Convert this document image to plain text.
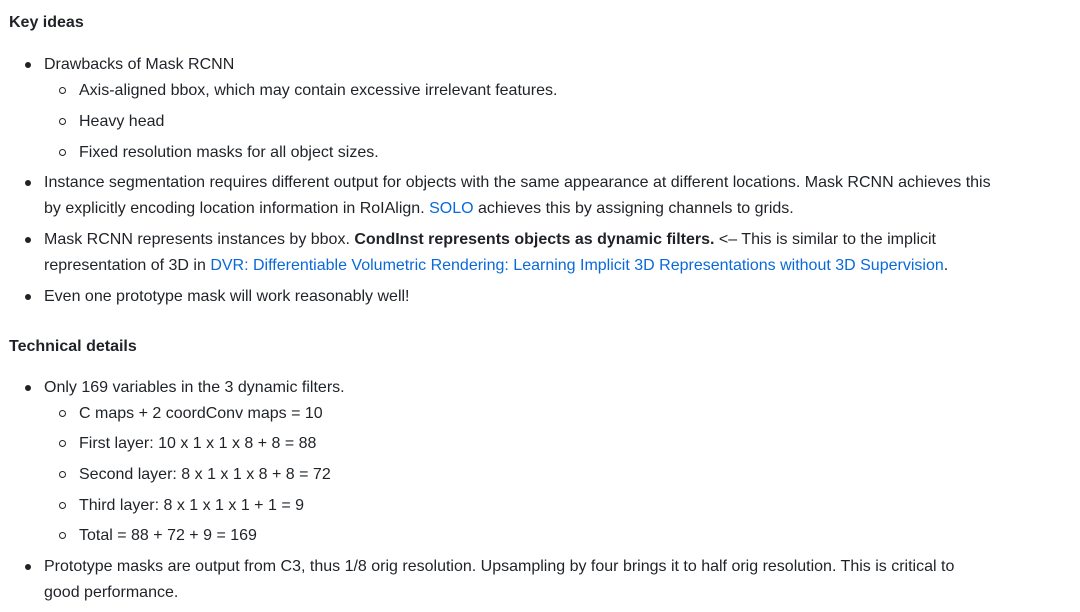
Key ideas
Drawbacks of Mask RCNN
Axis-aligned bbox, which may contain excessive irrelevant features.
Heavy head
Fixed resolution masks for all object sizes.
Instance segmentation requires different output for objects with the same appearance at different locations. Mask RCNN achieves this
by explicitly encoding location information in RoIAlign. SOLO achieves this by assigning channels to grids.
Mask RCNN represents instances by bbox. CondInst represents objects as dynamic filters. <– This is similar to the implicit
representation of 3D in DVR: Differentiable Volumetric Rendering: Learning Implicit 3D Representations without 3D Supervision.
Even one prototype mask will work reasonably well!
Technical details
Only 169 variables in the 3 dynamic filters.
C maps + 2 coordConv maps = 10
First layer: 10 x 1 x 1 x 8 + 8 = 88
Second layer: 8 x 1 x 1 x 8 + 8 = 72
Third layer: 8 x 1 x 1 x 1 + 1 = 9
Total = 88 + 72 + 9 = 169
Prototype masks are output from C3, thus 1/8 orig resolution. Upsampling by four brings it to half orig resolution. This is critical to
good performance.
